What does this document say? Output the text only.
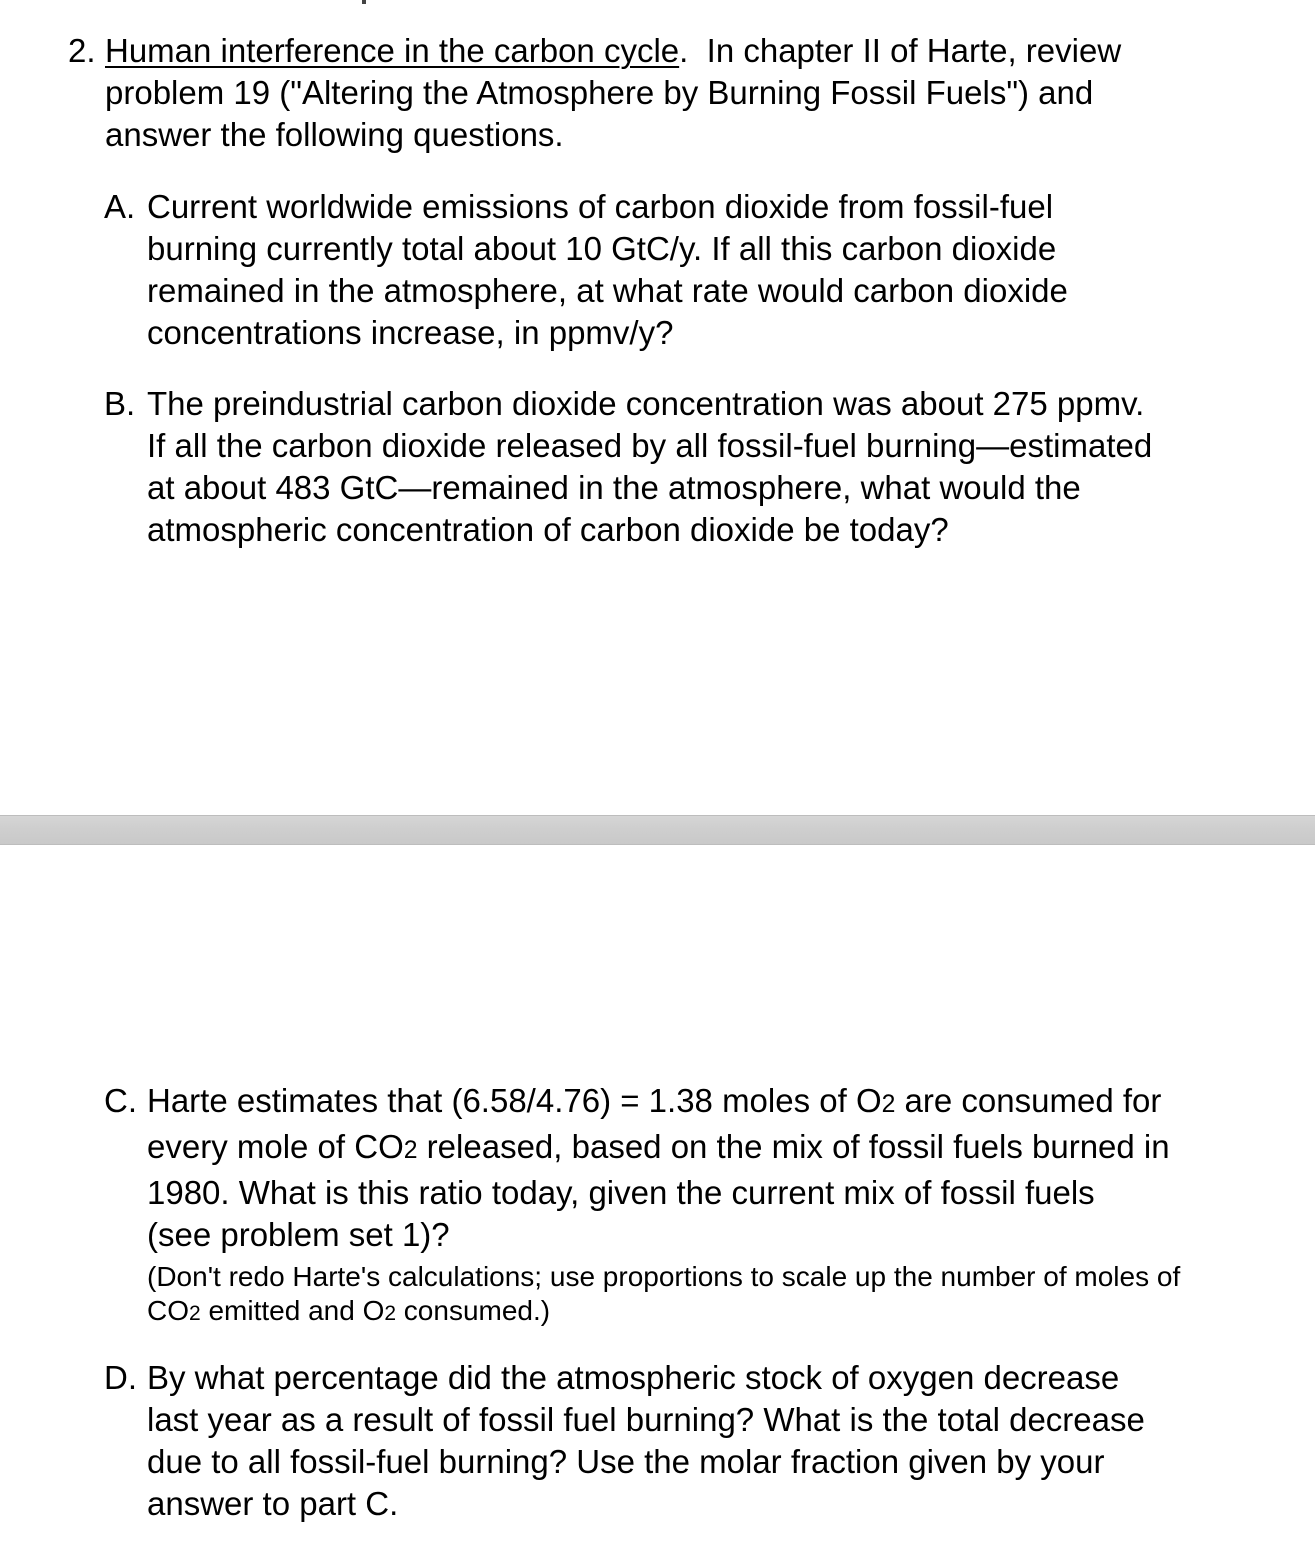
2. Human interference in the carbon cycle. In chapter II of Harte, review
problem 19 ("Altering the Atmosphere by Burning Fossil Fuels") and
answer the following questions.
A. Current worldwide emissions of carbon dioxide from fossil-fuel
burning currently total about 10 GtC/y. If all this carbon dioxide
remained in the atmosphere, at what rate would carbon dioxide
concentrations increase, in ppmv/y?
B. The preindustrial carbon dioxide concentration was about 275 ppmv.
If all the carbon dioxide released by all fossil-fuel burning—estimated
at about 483 GtC—remained in the atmosphere, what would the
atmospheric concentration of carbon dioxide be today?
C. Harte estimates that (6.58/4.76) = 1.38 moles of O2 are consumed for
every mole of CO2 released, based on the mix of fossil fuels burned in
1980. What is this ratio today, given the current mix of fossil fuels
(see problem set 1)?
(Don't redo Harte's calculations; use proportions to scale up the number of moles of
CO2 emitted and O2 consumed.)
D. By what percentage did the atmospheric stock of oxygen decrease
last year as a result of fossil fuel burning? What is the total decrease
due to all fossil-fuel burning? Use the molar fraction given by your
answer to part C.
